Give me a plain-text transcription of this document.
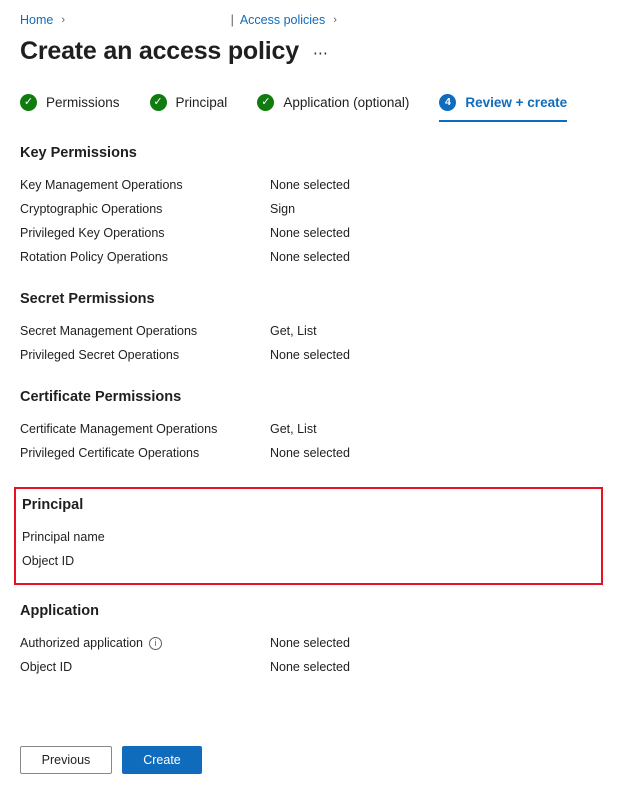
Home ›	| Access policies ›
Create an access policy ⋯
✓ Permissions	✓ Principal	✓ Application (optional)	4	Review + create
Key Permissions
Key Management Operations	None selected
Cryptographic Operations	Sign
Privileged Key Operations	None selected
Rotation Policy Operations	None selected
Secret Permissions
Secret Management Operations	Get, List
Privileged Secret Operations	None selected
Certificate Permissions
Certificate Management Operations	Get, List
Privileged Certificate Operations	None selected
Principal
Principal name
Object ID
Application
Authorized application	i	None selected
Object ID	None selected
Previous	Create
